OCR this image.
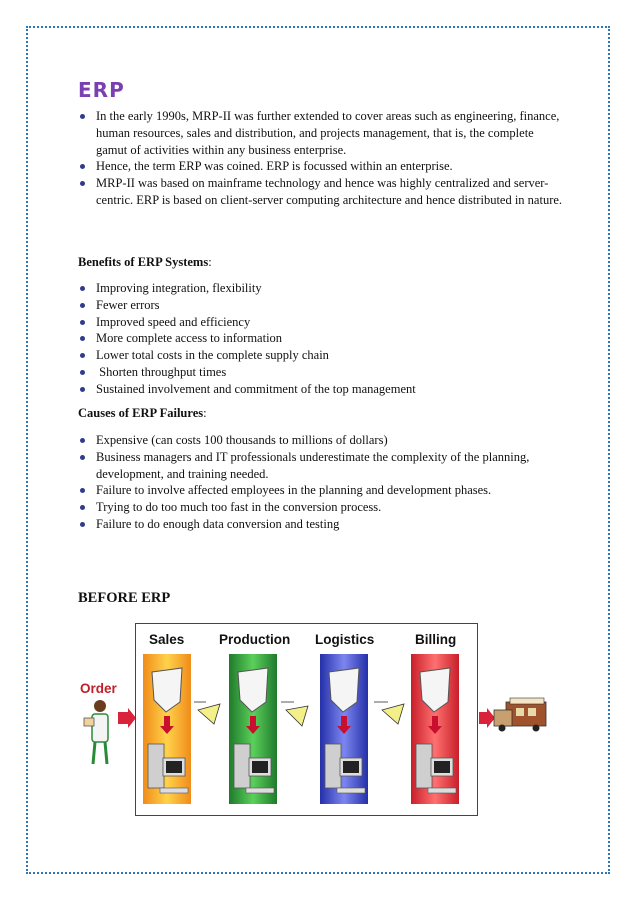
ERP
In the early 1990s, MRP-II was further extended to cover areas such as engineering, finance, human resources, sales and distribution, and projects management, that is, the complete gamut of activities within any business enterprise.
Hence, the term ERP was coined. ERP is focussed within an enterprise.
MRP-II was based on mainframe technology and hence was highly centralized and server-centric. ERP is based on client-server computing architecture and hence distributed in nature.

Benefits of ERP Systems:

Improving integration, flexibility
Fewer errors
Improved speed and efficiency
More complete access to information
Lower total costs in the complete supply chain
Shorten throughput times
Sustained involvement and commitment of the top management

Causes of ERP Failures:

Expensive (can costs 100 thousands to millions of dollars)
Business managers and IT professionals underestimate the complexity of the planning, development, and training needed.
Failure to involve affected employees in the planning and development phases.
Trying to do too much too fast in the conversion process.
Failure to do enough data conversion and testing
BEFORE ERP
Order
Sales	Production Logistics	Billing
